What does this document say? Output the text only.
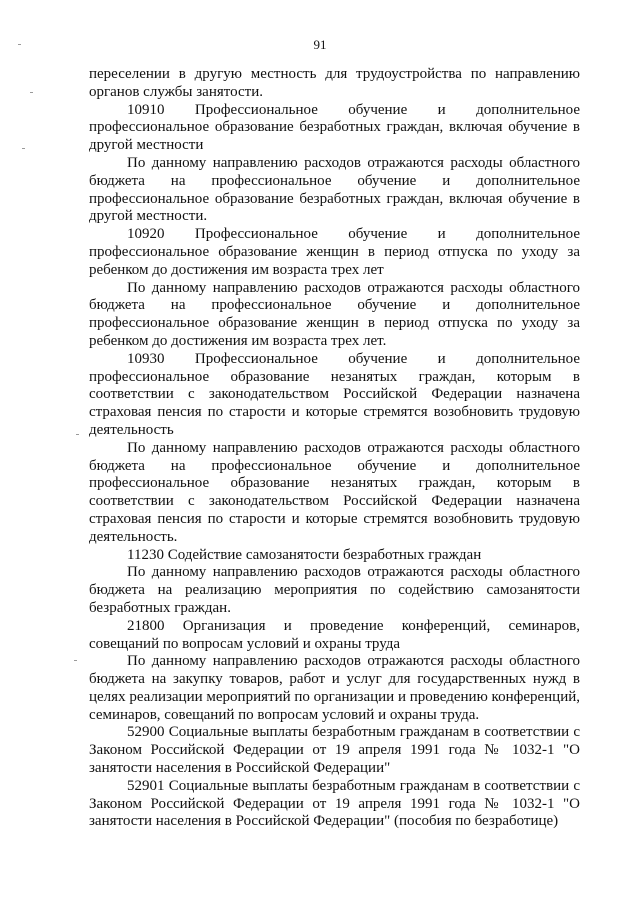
91

переселении в другую местность для трудоустройства по направлению органов службы занятости.

10910 Профессиональное обучение и дополнительное профессиональное образование безработных граждан, включая обучение в другой местности

По данному направлению расходов отражаются расходы областного бюджета на профессиональное обучение и дополнительное профессиональное образование безработных граждан, включая обучение в другой местности.

10920 Профессиональное обучение и дополнительное профессиональное образование женщин в период отпуска по уходу за ребенком до достижения им возраста трех лет

По данному направлению расходов отражаются расходы областного бюджета на профессиональное обучение и дополнительное профессиональное образование женщин в период отпуска по уходу за ребенком до достижения им возраста трех лет.

10930 Профессиональное обучение и дополнительное профессиональное образование незанятых граждан, которым в соответствии с законодательством Российской Федерации назначена страховая пенсия по старости и которые стремятся возобновить трудовую деятельность

По данному направлению расходов отражаются расходы областного бюджета на профессиональное обучение и дополнительное профессиональное образование незанятых граждан, которым в соответствии с законодательством Российской Федерации назначена страховая пенсия по старости и которые стремятся возобновить трудовую деятельность.

11230 Содействие самозанятости безработных граждан

По данному направлению расходов отражаются расходы областного бюджета на реализацию мероприятия по содействию самозанятости безработных граждан.

21800 Организация и проведение конференций, семинаров, совещаний по вопросам условий и охраны труда

По данному направлению расходов отражаются расходы областного бюджета на закупку товаров, работ и услуг для государственных нужд в целях реализации мероприятий по организации и проведению конференций, семинаров, совещаний по вопросам условий и охраны труда.

52900 Социальные выплаты безработным гражданам в соответствии с Законом Российской Федерации от 19 апреля 1991 года № 1032-1 "О занятости населения в Российской Федерации"

52901 Социальные выплаты безработным гражданам в соответствии с Законом Российской Федерации от 19 апреля 1991 года № 1032-1 "О занятости населения в Российской Федерации" (пособия по безработице)
